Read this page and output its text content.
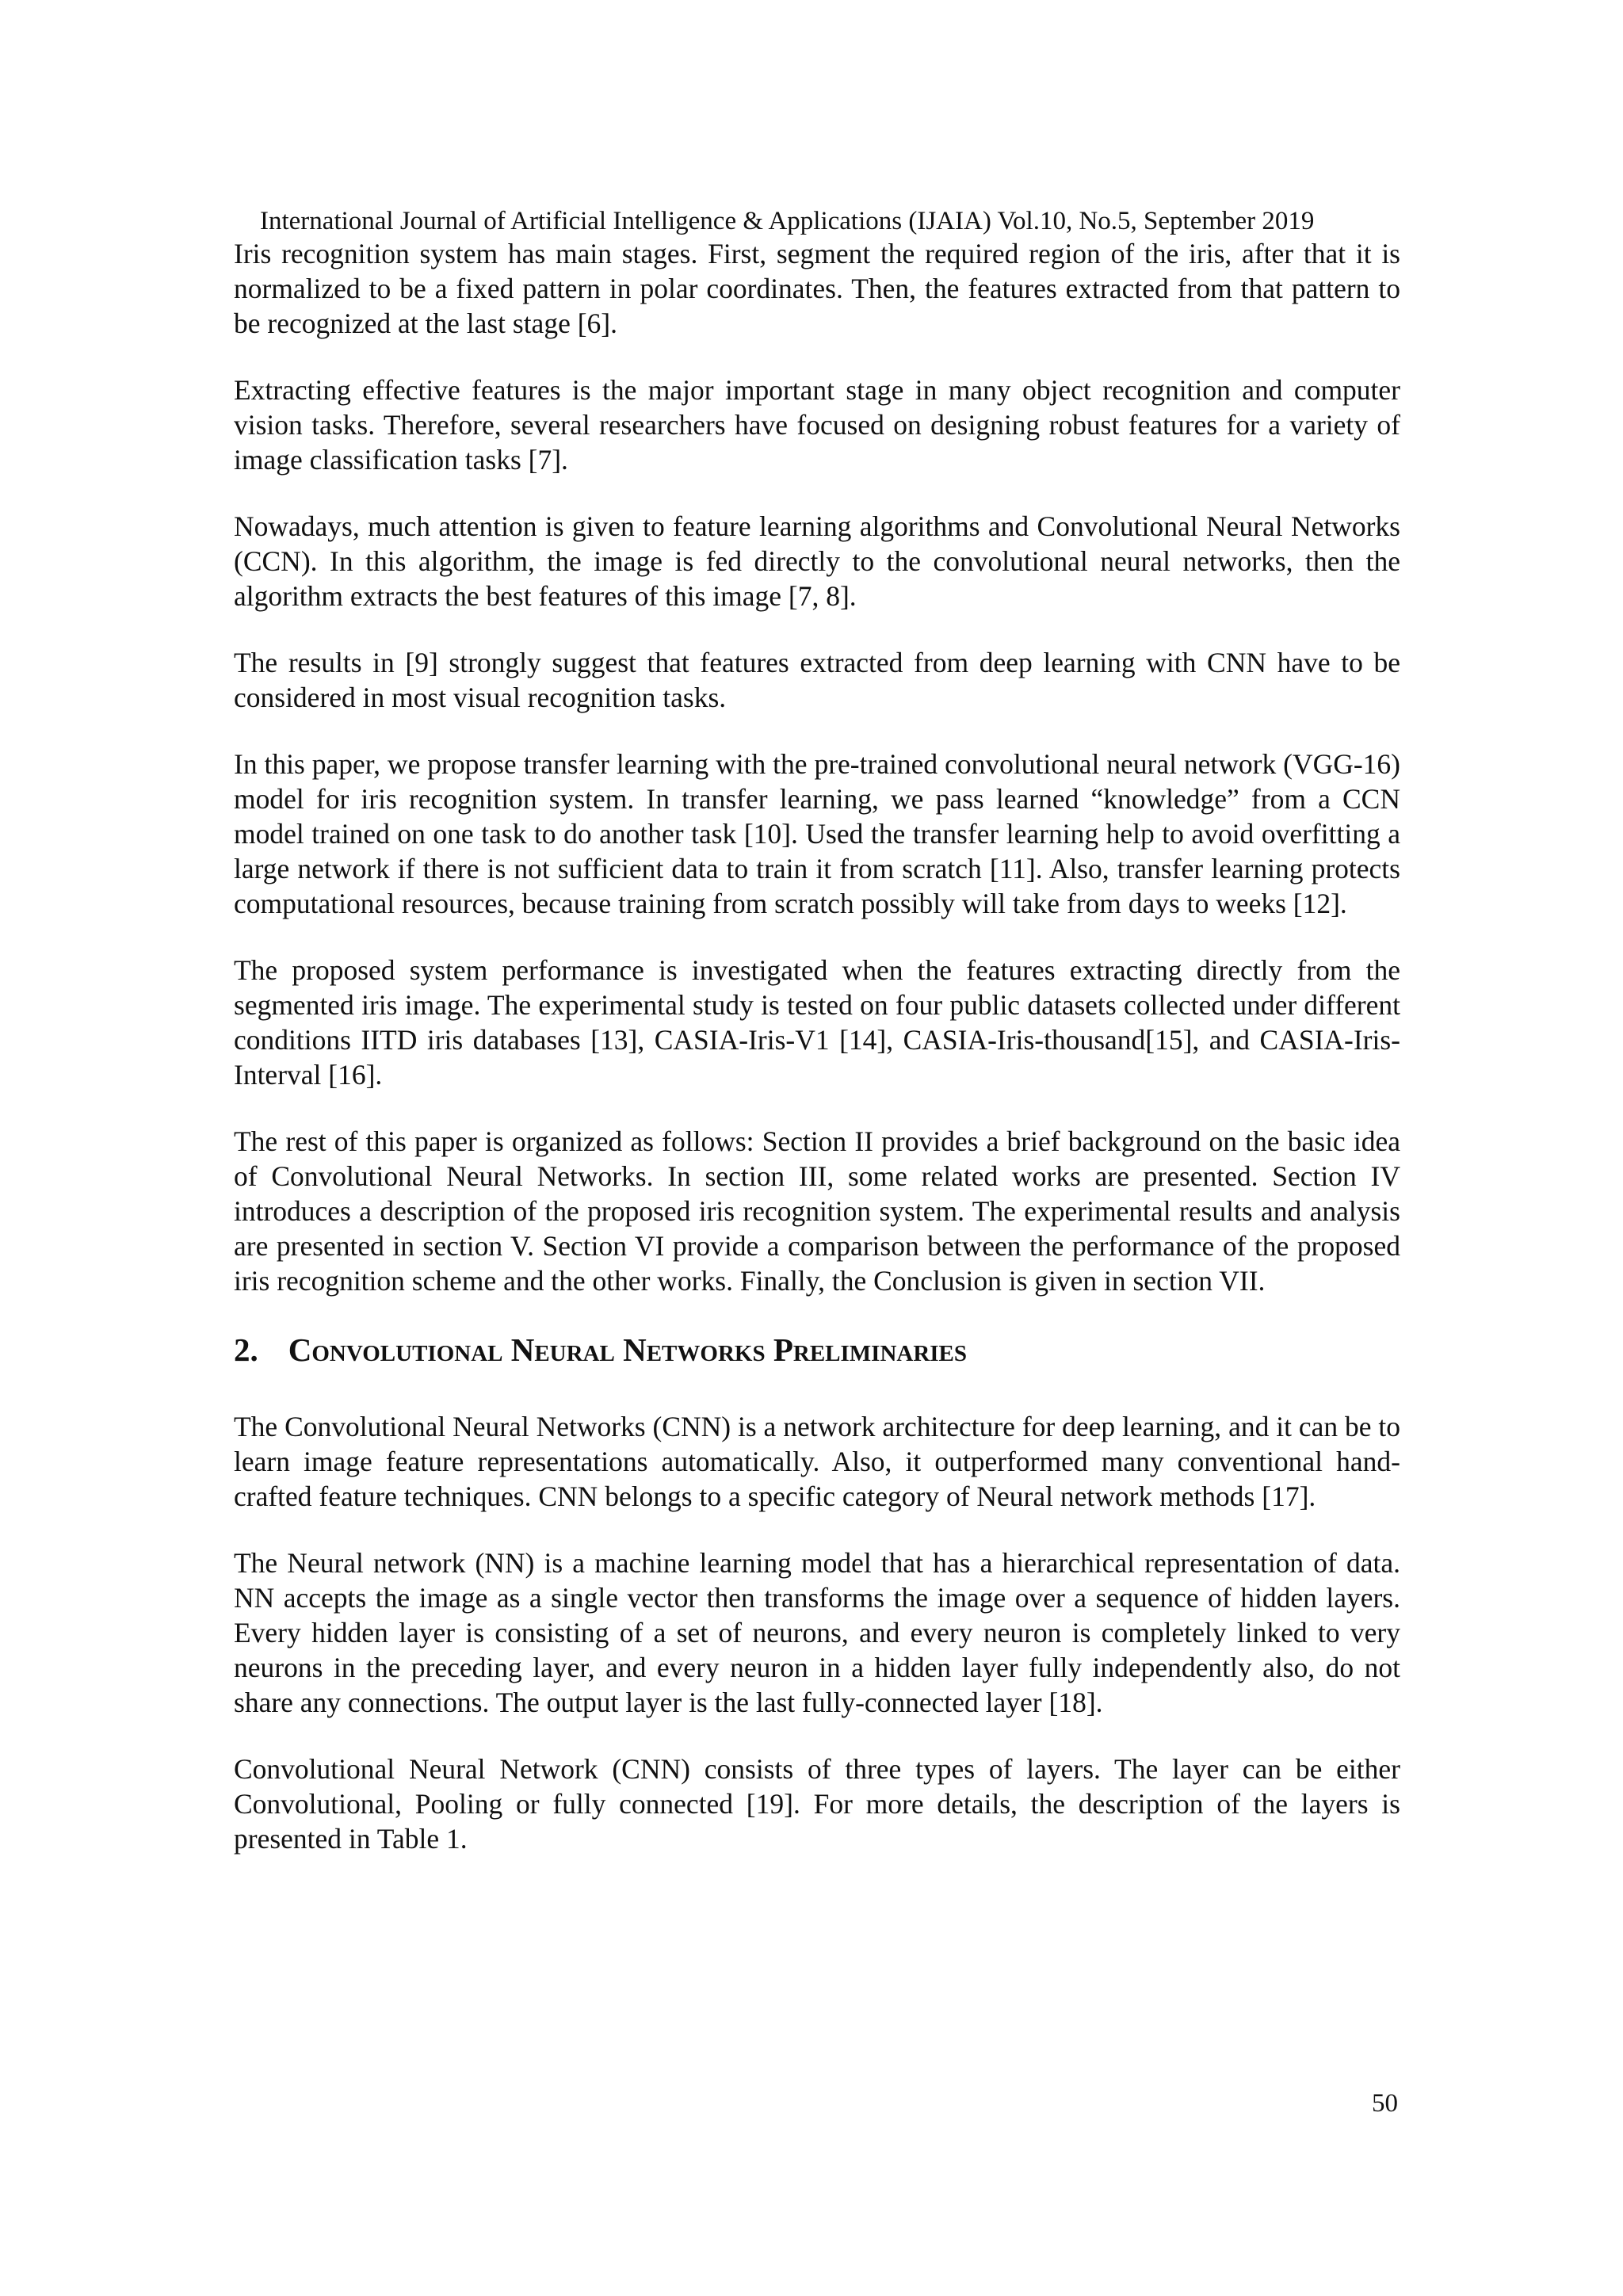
International Journal of Artificial Intelligence & Applications (IJAIA) Vol.10, No.5, September 2019

Iris recognition system has main stages. First, segment the required region of the iris, after that it is normalized to be a fixed pattern in polar coordinates. Then, the features extracted from that pattern to be recognized at the last stage [6].

Extracting effective features is the major important stage in many object recognition and computer vision tasks. Therefore, several researchers have focused on designing robust features for a variety of image classification tasks [7].

Nowadays, much attention is given to feature learning algorithms and Convolutional Neural Networks (CCN). In this algorithm, the image is fed directly to the convolutional neural networks, then the algorithm extracts the best features of this image [7, 8].

The results in [9] strongly suggest that features extracted from deep learning with CNN have to be considered in most visual recognition tasks.

In this paper, we propose transfer learning with the pre-trained convolutional neural network (VGG-16) model for iris recognition system. In transfer learning, we pass learned “knowledge” from a CCN model trained on one task to do another task [10]. Used the transfer learning help to avoid overfitting a large network if there is not sufficient data to train it from scratch [11]. Also, transfer learning protects computational resources, because training from scratch possibly will take from days to weeks [12].

The proposed system performance is investigated when the features extracting directly from the segmented iris image. The experimental study is tested on four public datasets collected under different conditions IITD iris databases [13], CASIA-Iris-V1 [14], CASIA-Iris-thousand[15], and CASIA-Iris-Interval [16].

The rest of this paper is organized as follows: Section II provides a brief background on the basic idea of Convolutional Neural Networks. In section III, some related works are presented. Section IV introduces a description of the proposed iris recognition system. The experimental results and analysis are presented in section V. Section VI provide a comparison between the performance of the proposed iris recognition scheme and the other works. Finally, the Conclusion is given in section VII.

2. Convolutional Neural Networks Preliminaries

The Convolutional Neural Networks (CNN) is a network architecture for deep learning, and it can be to learn image feature representations automatically. Also, it outperformed many conventional hand-crafted feature techniques. CNN belongs to a specific category of Neural network methods [17].

The Neural network (NN) is a machine learning model that has a hierarchical representation of data. NN accepts the image as a single vector then transforms the image over a sequence of hidden layers. Every hidden layer is consisting of a set of neurons, and every neuron is completely linked to very neurons in the preceding layer, and every neuron in a hidden layer fully independently also, do not share any connections. The output layer is the last fully-connected layer [18].

Convolutional Neural Network (CNN) consists of three types of layers. The layer can be either Convolutional, Pooling or fully connected [19]. For more details, the description of the layers is presented in Table 1.

50
